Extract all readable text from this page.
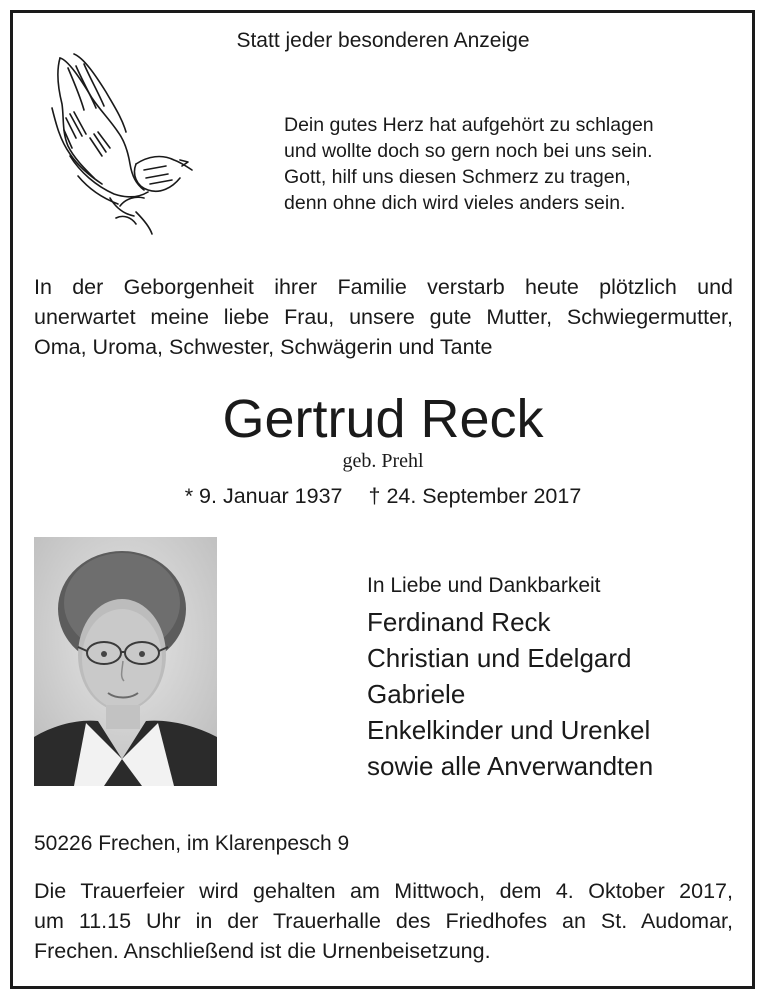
Statt jeder besonderen Anzeige
Dein gutes Herz hat aufgehört zu schlagen
und wollte doch so gern noch bei uns sein.
Gott, hilf uns diesen Schmerz zu tragen,
denn ohne dich wird vieles anders sein.
In der Geborgenheit ihrer Familie verstarb heute plötzlich und
unerwartet meine liebe Frau, unsere gute Mutter, Schwiegermutter,
Oma, Uroma, Schwester, Schwägerin und Tante
Gertrud Reck
geb. Prehl
* 9. Januar 1937 † 24. September 2017
In Liebe und Dankbarkeit
Ferdinand Reck
Christian und Edelgard
Gabriele
Enkelkinder und Urenkel
sowie alle Anverwandten
50226 Frechen, im Klarenpesch 9
Die Trauerfeier wird gehalten am Mittwoch, dem 4. Oktober 2017,
um 11.15 Uhr in der Trauerhalle des Friedhofes an St. Audomar,
Frechen. Anschließend ist die Urnenbeisetzung.
